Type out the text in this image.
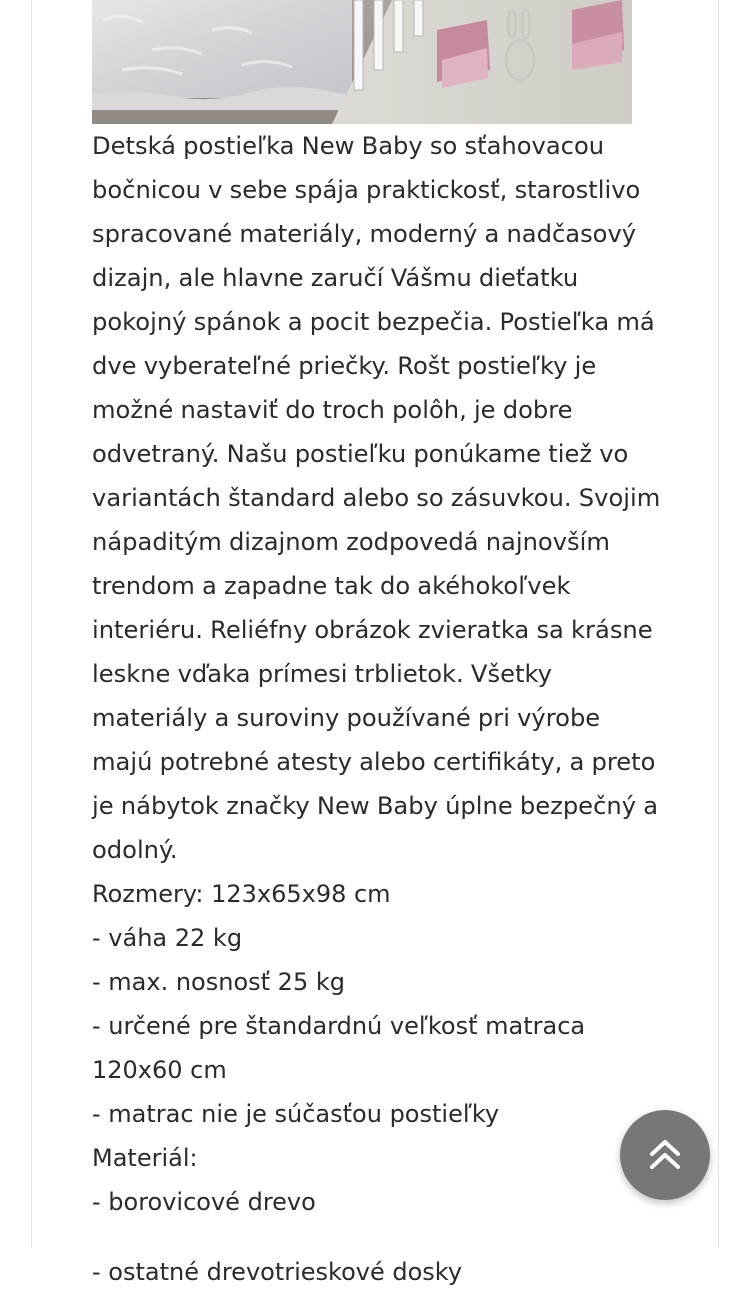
Detská postieľka New Baby so sťahovacou
bočnicou v sebe spája praktickosť, starostlivo
spracované materiály, moderný a nadčasový
dizajn, ale hlavne zaručí Vášmu dieťatku
pokojný spánok a pocit bezpečia. Postieľka má
dve vyberateľné priečky. Rošt postieľky je
možné nastaviť do troch polôh, je dobre
odvetraný. Našu postieľku ponúkame tiež vo
variantách štandard alebo so zásuvkou. Svojim
nápaditým dizajnom zodpovedá najnovším
trendom a zapadne tak do akéhokoľvek
interiéru. Reliéfny obrázok zvieratka sa krásne
leskne vďaka prímesi trblietok. Všetky
materiály a suroviny používané pri výrobe
majú potrebné atesty alebo certifikáty, a preto
je nábytok značky New Baby úplne bezpečný a
odolný.

Rozmery: 123x65x98 cm
- váha 22 kg
- max. nosnosť 25 kg
- určené pre štandardnú veľkosť matraca 120x60 cm
- matrac nie je súčasťou postieľky
Materiál:
- borovicové drevo
- ostatné drevotrieskové dosky
